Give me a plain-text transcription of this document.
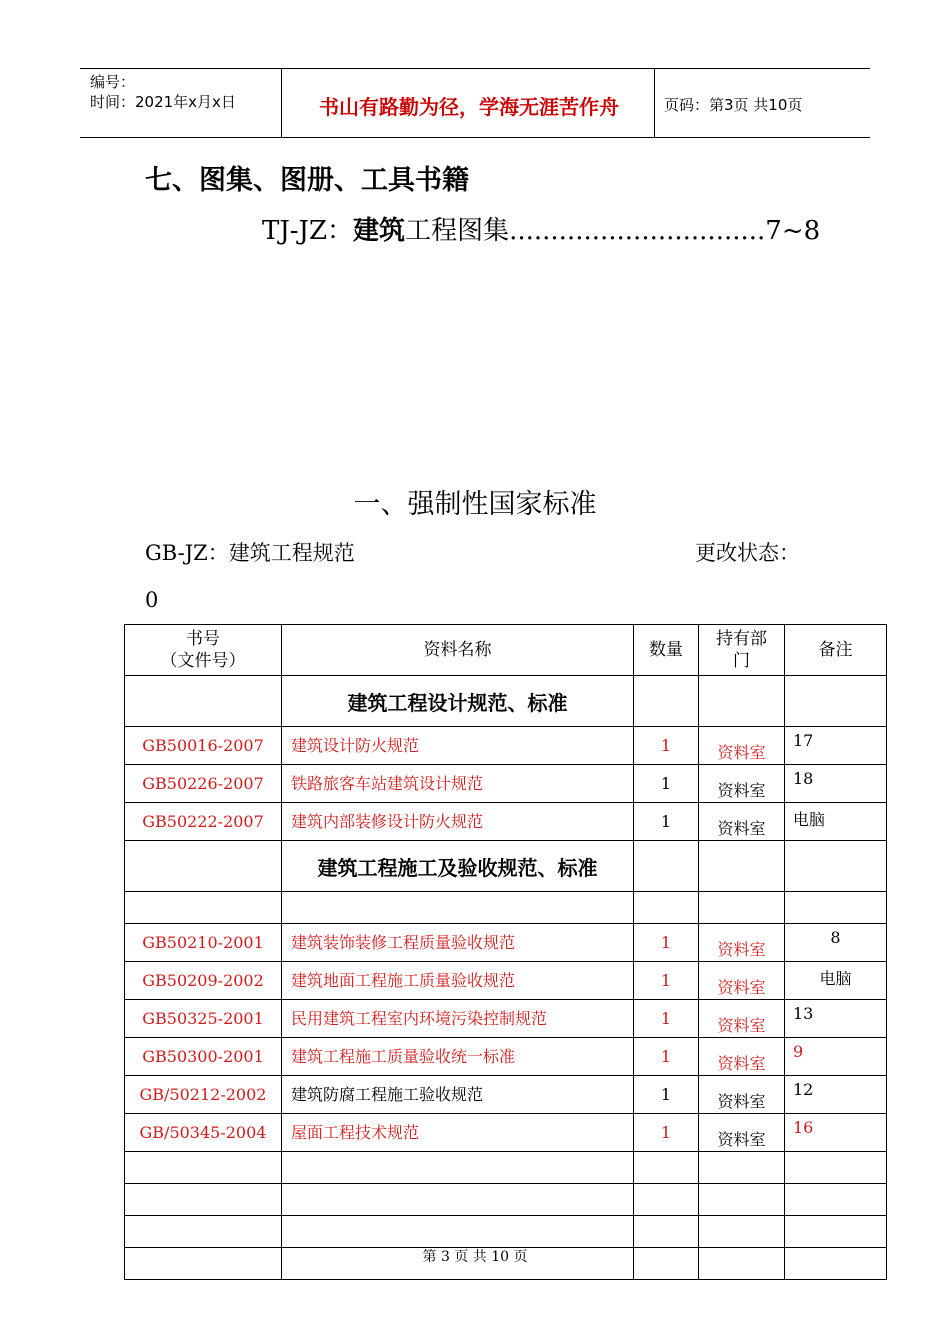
编号：
时间：2021年x月x日	书山有路勤为径，学海无涯苦作舟	页码：第3页 共10页
七、图集、图册、工具书籍
TJ-JZ：建筑工程图集...............................7~8
一、强制性国家标准
GB-JZ：建筑工程规范	更改状态：
0
书号
（文件号）	资料名称	数量	持有部
门	备注
	建筑工程设计规范、标准			
GB50016-2007	建筑设计防火规范	1	资料室	17
GB50226-2007	铁路旅客车站建筑设计规范	1	资料室	18
GB50222-2007	建筑内部装修设计防火规范	1	资料室	电脑
	建筑工程施工及验收规范、标准			

GB50210-2001	建筑装饰装修工程质量验收规范	1	资料室	8
GB50209-2002	建筑地面工程施工质量验收规范	1	资料室	电脑
GB50325-2001	民用建筑工程室内环境污染控制规范	1	资料室	13
GB50300-2001	建筑工程施工质量验收统一标准	1	资料室	9
GB/50212-2002	建筑防腐工程施工验收规范	1	资料室	12
GB/50345-2004	屋面工程技术规范	1	资料室	16

第 3 页 共 10 页
